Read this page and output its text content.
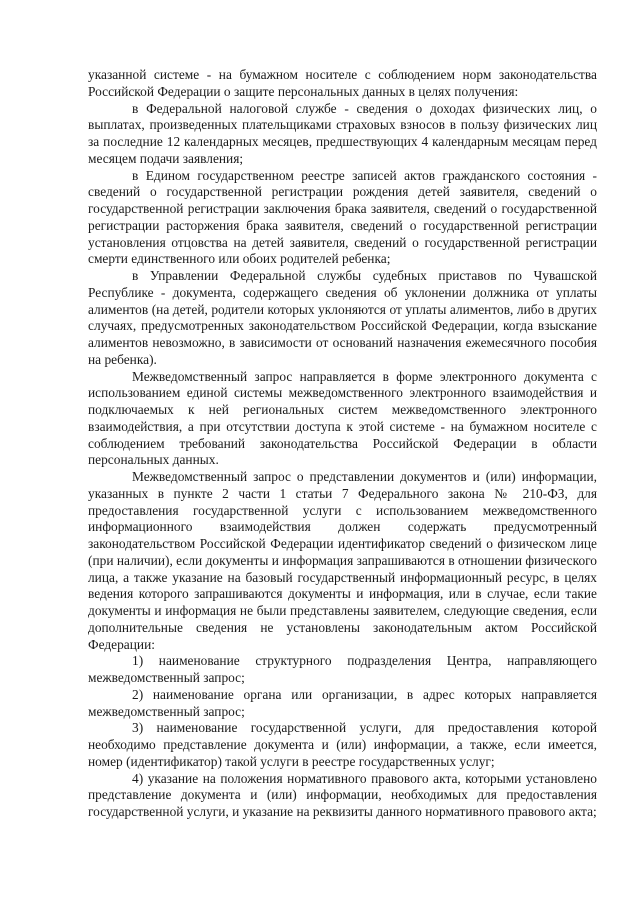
указанной системе - на бумажном носителе с соблюдением норм законодательства Российской Федерации о защите персональных данных в целях получения:

в Федеральной налоговой службе - сведения о доходах физических лиц, о выплатах, произведенных плательщиками страховых взносов в пользу физических лиц за последние 12 календарных месяцев, предшествующих 4 календарным месяцам перед месяцем подачи заявления;

в Едином государственном реестре записей актов гражданского состояния - сведений о государственной регистрации рождения детей заявителя, сведений о государственной регистрации заключения брака заявителя, сведений о государственной регистрации расторжения брака заявителя, сведений о государственной регистрации установления отцовства на детей заявителя, сведений о государственной регистрации смерти единственного или обоих родителей ребенка;

в Управлении Федеральной службы судебных приставов по Чувашской Республике - документа, содержащего сведения об уклонении должника от уплаты алиментов (на детей, родители которых уклоняются от уплаты алиментов, либо в других случаях, предусмотренных законодательством Российской Федерации, когда взыскание алиментов невозможно, в зависимости от оснований назначения ежемесячного пособия на ребенка).

Межведомственный запрос направляется в форме электронного документа с использованием единой системы межведомственного электронного взаимодействия и подключаемых к ней региональных систем межведомственного электронного взаимодействия, а при отсутствии доступа к этой системе - на бумажном носителе с соблюдением требований законодательства Российской Федерации в области персональных данных.

Межведомственный запрос о представлении документов и (или) информации, указанных в пункте 2 части 1 статьи 7 Федерального закона № 210-ФЗ, для предоставления государственной услуги с использованием межведомственного информационного взаимодействия должен содержать предусмотренный законодательством Российской Федерации идентификатор сведений о физическом лице (при наличии), если документы и информация запрашиваются в отношении физического лица, а также указание на базовый государственный информационный ресурс, в целях ведения которого запрашиваются документы и информация, или в случае, если такие документы и информация не были представлены заявителем, следующие сведения, если дополнительные сведения не установлены законодательным актом Российской Федерации:

1) наименование структурного подразделения Центра, направляющего межведомственный запрос;

2) наименование органа или организации, в адрес которых направляется межведомственный запрос;

3) наименование государственной услуги, для предоставления которой необходимо представление документа и (или) информации, а также, если имеется, номер (идентификатор) такой услуги в реестре государственных услуг;

4) указание на положения нормативного правового акта, которыми установлено представление документа и (или) информации, необходимых для предоставления государственной услуги, и указание на реквизиты данного нормативного правового акта;
